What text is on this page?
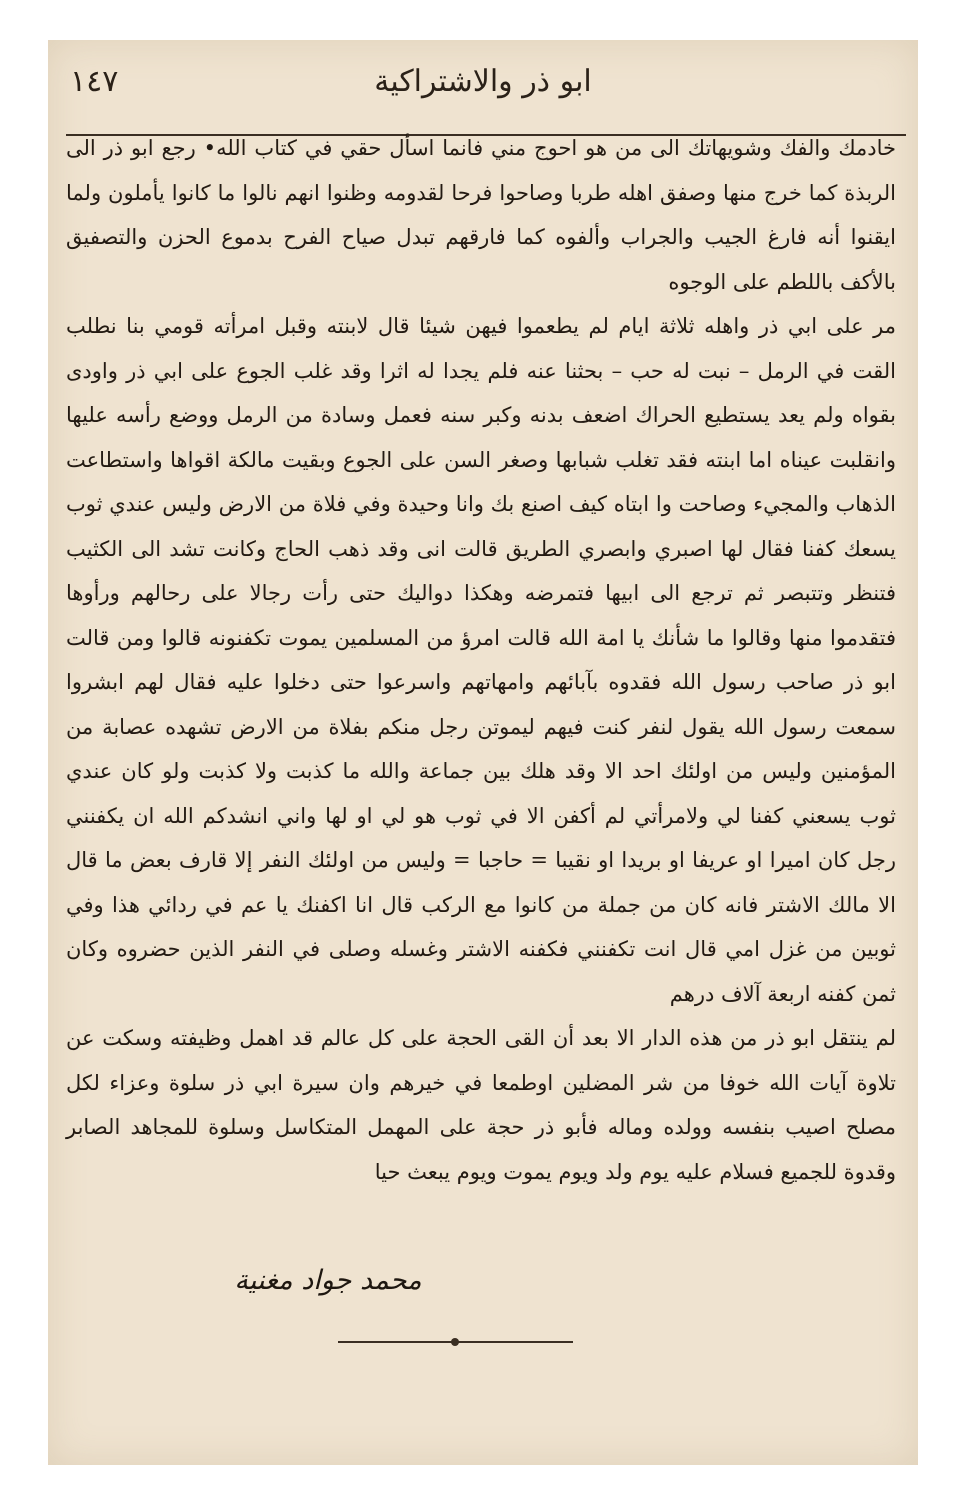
ابو ذر والاشتراكية
١٤٧

خادمك والفك وشويهاتك الى من هو احوج مني فانما اسأل حقي في كتاب الله• رجع ابو ذر الى الربذة كما خرج منها وصفق اهله طربا وصاحوا فرحا لقدومه وظنوا انهم نالوا ما كانوا يأملون ولما ايقنوا أنه فارغ الجيب والجراب وألفوه كما فارقهم تبدل صياح الفرح بدموع الحزن والتصفيق بالأكف باللطم على الوجوه

مر على ابي ذر واهله ثلاثة ايام لم يطعموا فيهن شيئا قال لابنته وقبل امرأته قومي بنا نطلب القت في الرمل – نبت له حب – بحثنا عنه فلم يجدا له اثرا وقد غلب الجوع على ابي ذر واودى بقواه ولم يعد يستطيع الحراك اضعف بدنه وكبر سنه فعمل وسادة من الرمل ووضع رأسه عليها وانقلبت عيناه اما ابنته فقد تغلب شبابها وصغر السن على الجوع وبقيت مالكة اقواها واستطاعت الذهاب والمجيء وصاحت وا ابتاه كيف اصنع بك وانا وحيدة وفي فلاة من الارض وليس عندي ثوب يسعك كفنا فقال لها اصبري وابصري الطريق قالت انى وقد ذهب الحاج وكانت تشد الى الكثيب فتنظر وتتبصر ثم ترجع الى ابيها فتمرضه وهكذا دواليك حتى رأت رجالا على رحالهم ورأوها فتقدموا منها وقالوا ما شأنك يا امة الله قالت امرؤ من المسلمين يموت تكفنونه قالوا ومن قالت ابو ذر صاحب رسول الله فقدوه بآبائهم وامهاتهم واسرعوا حتى دخلوا عليه فقال لهم ابشروا سمعت رسول الله يقول لنفر كنت فيهم ليموتن رجل منكم بفلاة من الارض تشهده عصابة من المؤمنين وليس من اولئك احد الا وقد هلك بين جماعة والله ما كذبت ولا كذبت ولو كان عندي ثوب يسعني كفنا لي ولامرأتي لم أكفن الا في ثوب هو لي او لها واني انشدكم الله ان يكفنني رجل كان اميرا او عريفا او بريدا او نقيبا = حاجبا = وليس من اولئك النفر إلا قارف بعض ما قال الا مالك الاشتر فانه كان من جملة من كانوا مع الركب قال انا اكفنك يا عم في ردائي هذا وفي ثوبين من غزل امي قال انت تكفنني فكفنه الاشتر وغسله وصلى في النفر الذين حضروه وكان ثمن كفنه اربعة آلاف درهم

لم ينتقل ابو ذر من هذه الدار الا بعد أن القى الحجة على كل عالم قد اهمل وظيفته وسكت عن تلاوة آيات الله خوفا من شر المضلين اوطمعا في خيرهم وان سيرة ابي ذر سلوة وعزاء لكل مصلح اصيب بنفسه وولده وماله فأبو ذر حجة على المهمل المتكاسل وسلوة للمجاهد الصابر وقدوة للجميع فسلام عليه يوم ولد ويوم يموت ويوم يبعث حيا

محمد جواد مغنية
